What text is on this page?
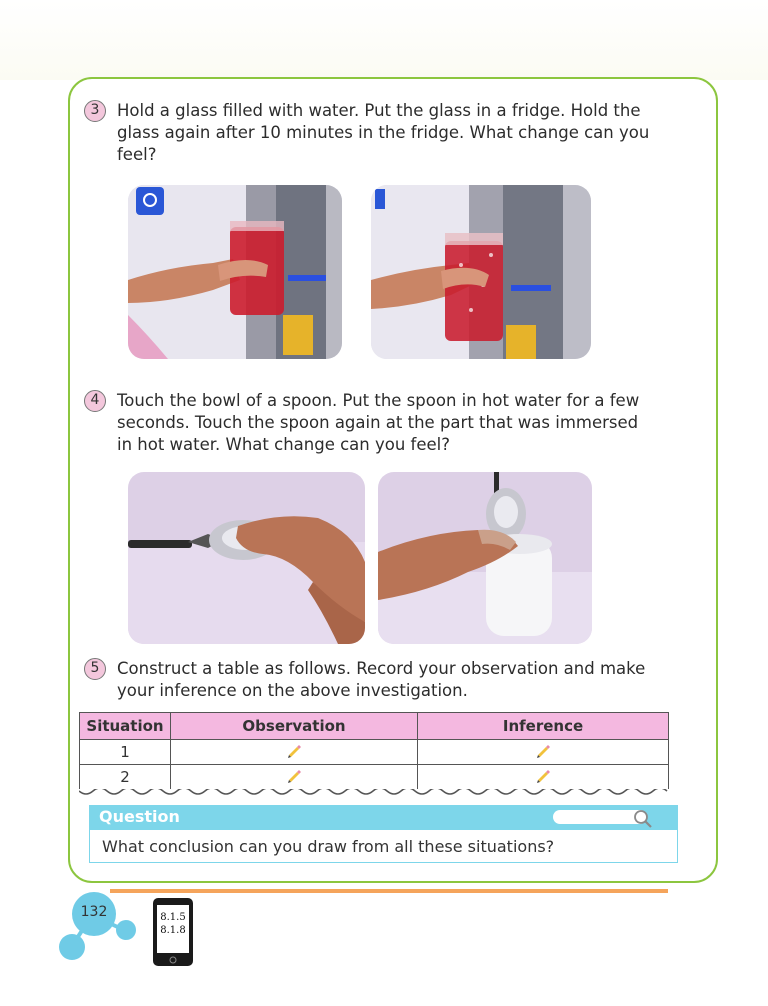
3	Hold a glass filled with water. Put the glass in a fridge. Hold the glass again after 10 minutes in the fridge. What change can you feel?
4	Touch the bowl of a spoon. Put the spoon in hot water for a few seconds. Touch the spoon again at the part that was immersed in hot water. What change can you feel?
5	Construct a table as follows. Record your observation and make your inference on the above investigation.
Situation	Observation	Inference
1		
2		
Question
What conclusion can you draw from all these situations?
132	8.1.5
8.1.8
